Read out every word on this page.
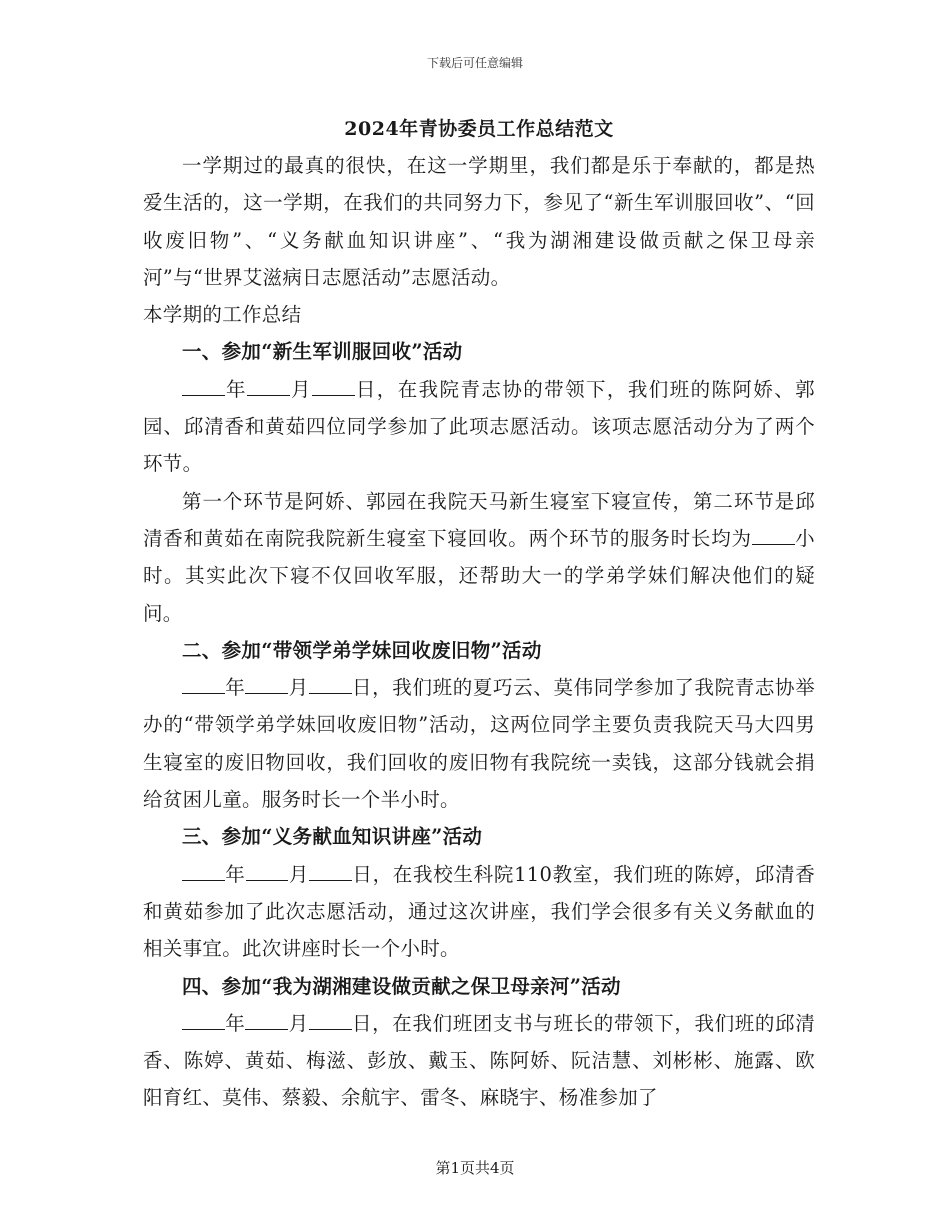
下载后可任意编辑
2024年青协委员工作总结范文

一学期过的最真的很快，在这一学期里，我们都是乐于奉献的，都是热爱生活的，这一学期，在我们的共同努力下，参见了“新生军训服回收”、“回收废旧物”、“义务献血知识讲座”、“我为湖湘建设做贡献之保卫母亲河”与“世界艾滋病日志愿活动”志愿活动。

本学期的工作总结

一、参加“新生军训服回收”活动

年 月 日，在我院青志协的带领下，我们班的陈阿娇、郭园、邱清香和黄茹四位同学参加了此项志愿活动。该项志愿活动分为了两个环节。

第一个环节是阿娇、郭园在我院天马新生寝室下寝宣传，第二环节是邱清香和黄茹在南院我院新生寝室下寝回收。两个环节的服务时长均为 小时。其实此次下寝不仅回收军服，还帮助大一的学弟学妹们解决他们的疑问。

二、参加“带领学弟学妹回收废旧物”活动

年 月 日，我们班的夏巧云、莫伟同学参加了我院青志协举办的“带领学弟学妹回收废旧物”活动，这两位同学主要负责我院天马大四男生寝室的废旧物回收，我们回收的废旧物有我院统一卖钱，这部分钱就会捐给贫困儿童。服务时长一个半小时。

三、参加“义务献血知识讲座”活动

年 月 日，在我校生科院110教室，我们班的陈婷，邱清香和黄茹参加了此次志愿活动，通过这次讲座，我们学会很多有关义务献血的相关事宜。此次讲座时长一个小时。

四、参加“我为湖湘建设做贡献之保卫母亲河”活动

年 月 日，在我们班团支书与班长的带领下，我们班的邱清香、陈婷、黄茹、梅滋、彭放、戴玉、陈阿娇、阮洁慧、刘彬彬、施露、欧阳育红、莫伟、蔡毅、余航宇、雷冬、麻晓宇、杨准参加了

第1页共4页
